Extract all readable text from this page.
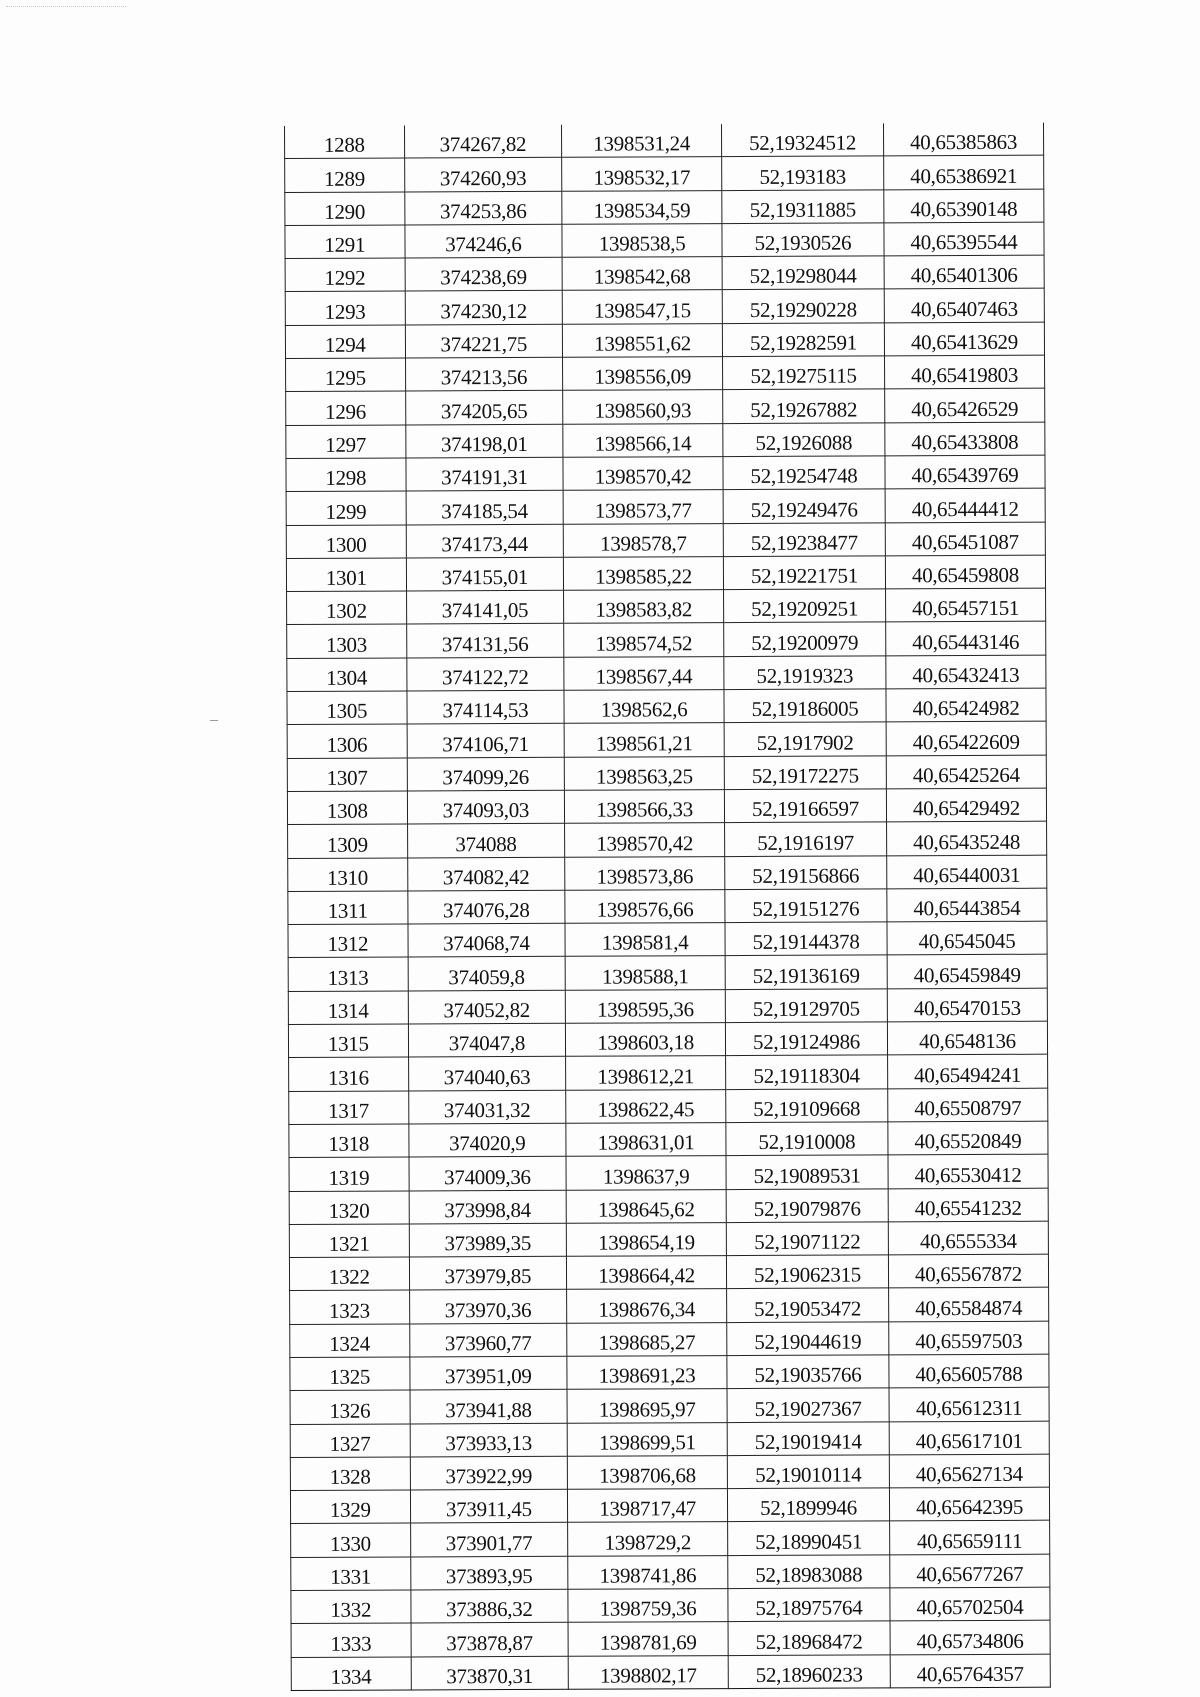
1288	374267,82	1398531,24	52,19324512	40,65385863
1289	374260,93	1398532,17	52,193183	40,65386921
1290	374253,86	1398534,59	52,19311885	40,65390148
1291	374246,6	1398538,5	52,1930526	40,65395544
1292	374238,69	1398542,68	52,19298044	40,65401306
1293	374230,12	1398547,15	52,19290228	40,65407463
1294	374221,75	1398551,62	52,19282591	40,65413629
1295	374213,56	1398556,09	52,19275115	40,65419803
1296	374205,65	1398560,93	52,19267882	40,65426529
1297	374198,01	1398566,14	52,1926088	40,65433808
1298	374191,31	1398570,42	52,19254748	40,65439769
1299	374185,54	1398573,77	52,19249476	40,65444412
1300	374173,44	1398578,7	52,19238477	40,65451087
1301	374155,01	1398585,22	52,19221751	40,65459808
1302	374141,05	1398583,82	52,19209251	40,65457151
1303	374131,56	1398574,52	52,19200979	40,65443146
1304	374122,72	1398567,44	52,1919323	40,65432413
1305	374114,53	1398562,6	52,19186005	40,65424982
1306	374106,71	1398561,21	52,1917902	40,65422609
1307	374099,26	1398563,25	52,19172275	40,65425264
1308	374093,03	1398566,33	52,19166597	40,65429492
1309	374088	1398570,42	52,1916197	40,65435248
1310	374082,42	1398573,86	52,19156866	40,65440031
1311	374076,28	1398576,66	52,19151276	40,65443854
1312	374068,74	1398581,4	52,19144378	40,6545045
1313	374059,8	1398588,1	52,19136169	40,65459849
1314	374052,82	1398595,36	52,19129705	40,65470153
1315	374047,8	1398603,18	52,19124986	40,6548136
1316	374040,63	1398612,21	52,19118304	40,65494241
1317	374031,32	1398622,45	52,19109668	40,65508797
1318	374020,9	1398631,01	52,1910008	40,65520849
1319	374009,36	1398637,9	52,19089531	40,65530412
1320	373998,84	1398645,62	52,19079876	40,65541232
1321	373989,35	1398654,19	52,19071122	40,6555334
1322	373979,85	1398664,42	52,19062315	40,65567872
1323	373970,36	1398676,34	52,19053472	40,65584874
1324	373960,77	1398685,27	52,19044619	40,65597503
1325	373951,09	1398691,23	52,19035766	40,65605788
1326	373941,88	1398695,97	52,19027367	40,65612311
1327	373933,13	1398699,51	52,19019414	40,65617101
1328	373922,99	1398706,68	52,19010114	40,65627134
1329	373911,45	1398717,47	52,1899946	40,65642395
1330	373901,77	1398729,2	52,18990451	40,65659111
1331	373893,95	1398741,86	52,18983088	40,65677267
1332	373886,32	1398759,36	52,18975764	40,65702504
1333	373878,87	1398781,69	52,18968472	40,65734806
1334	373870,31	1398802,17	52,18960233	40,65764357
